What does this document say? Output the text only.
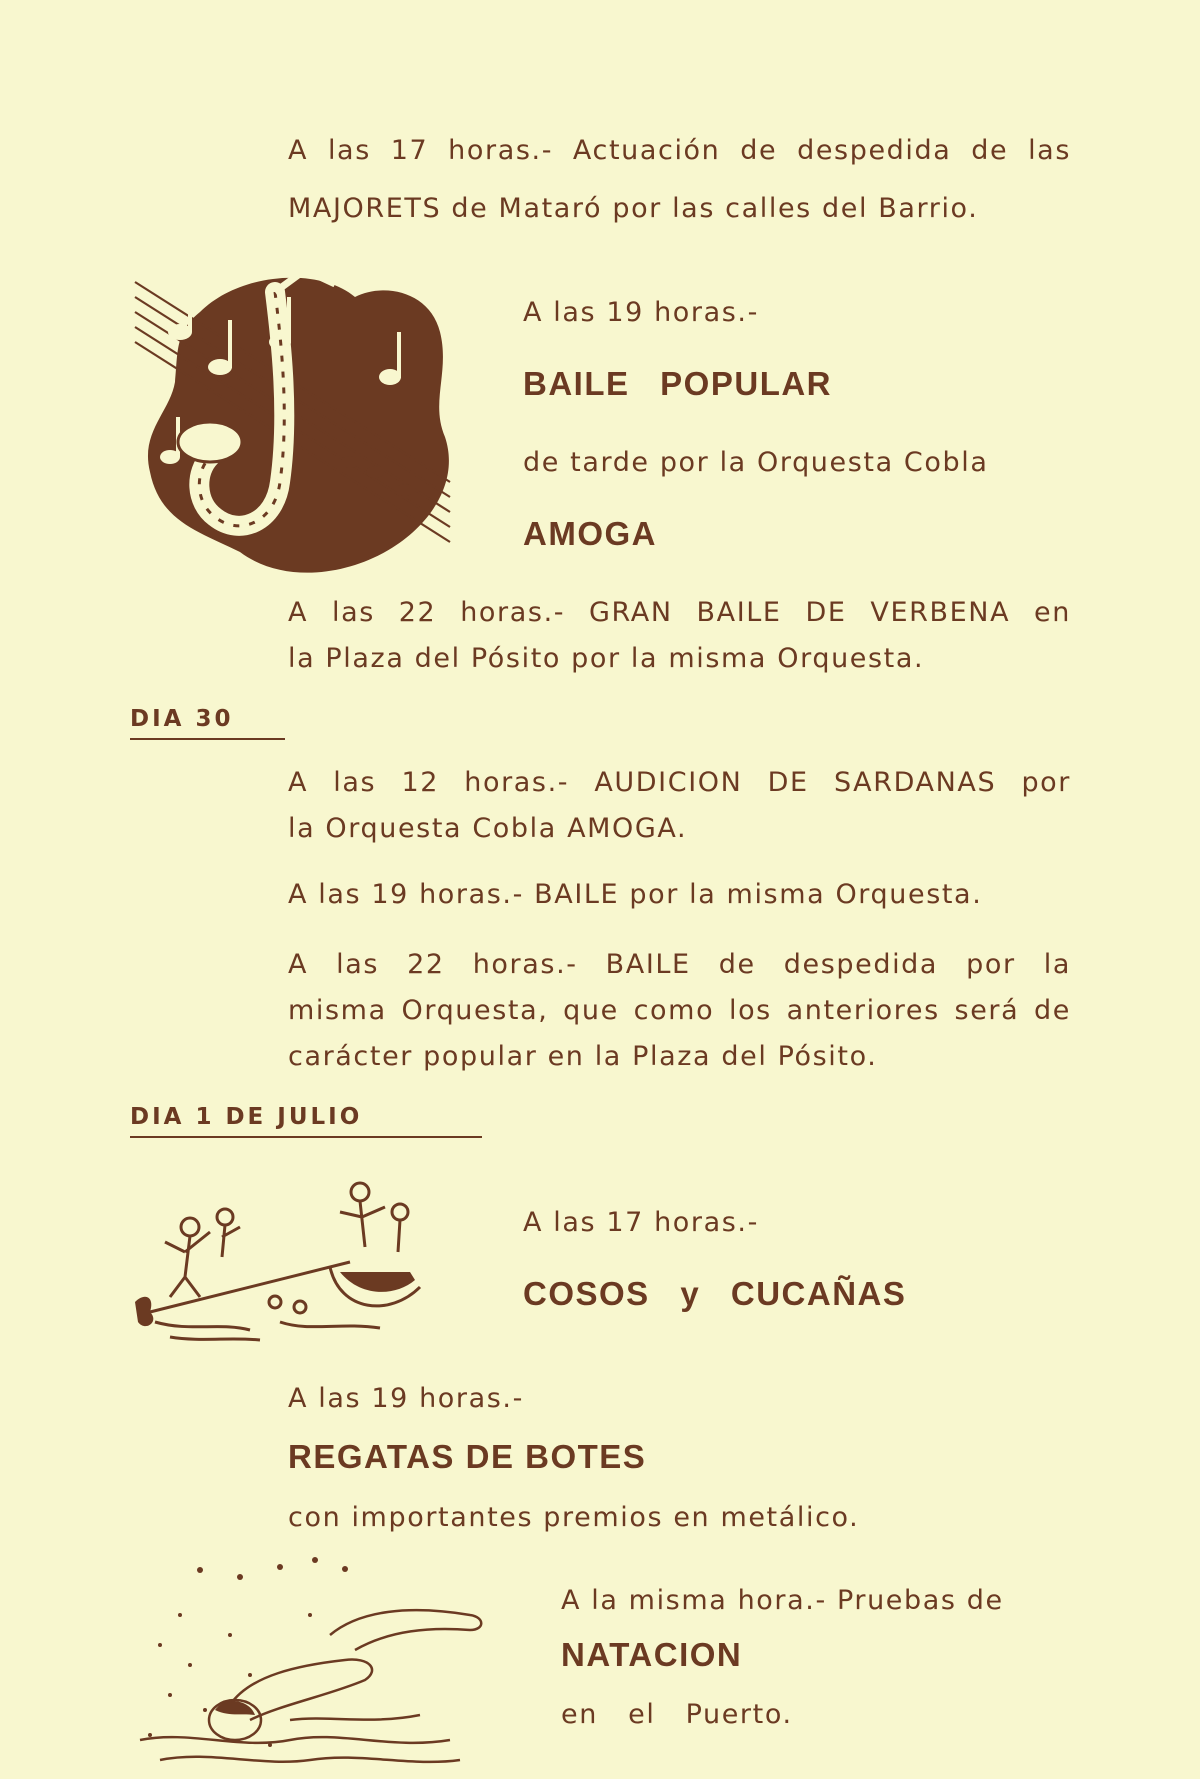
A las 17 horas.- Actuación de despedida de las

MAJORETS de Mataró por las calles del Barrio.

A las 19 horas.-

BAILE POPULAR

de tarde por la Orquesta Cobla

AMOGA

A las 22 horas.- GRAN BAILE DE VERBENA en

la Plaza del Pósito por la misma Orquesta.

DIA 30

A las 12 horas.- AUDICION DE SARDANAS por

la Orquesta Cobla AMOGA.

A las 19 horas.- BAILE por la misma Orquesta.

A las 22 horas.- BAILE de despedida por la

misma Orquesta, que como los anteriores será de

carácter popular en la Plaza del Pósito.

DIA 1 DE JULIO

A las 17 horas.-

COSOS y CUCAÑAS

A las 19 horas.-

REGATAS DE BOTES

con importantes premios en metálico.

A la misma hora.- Pruebas de

NATACION

en el Puerto.
